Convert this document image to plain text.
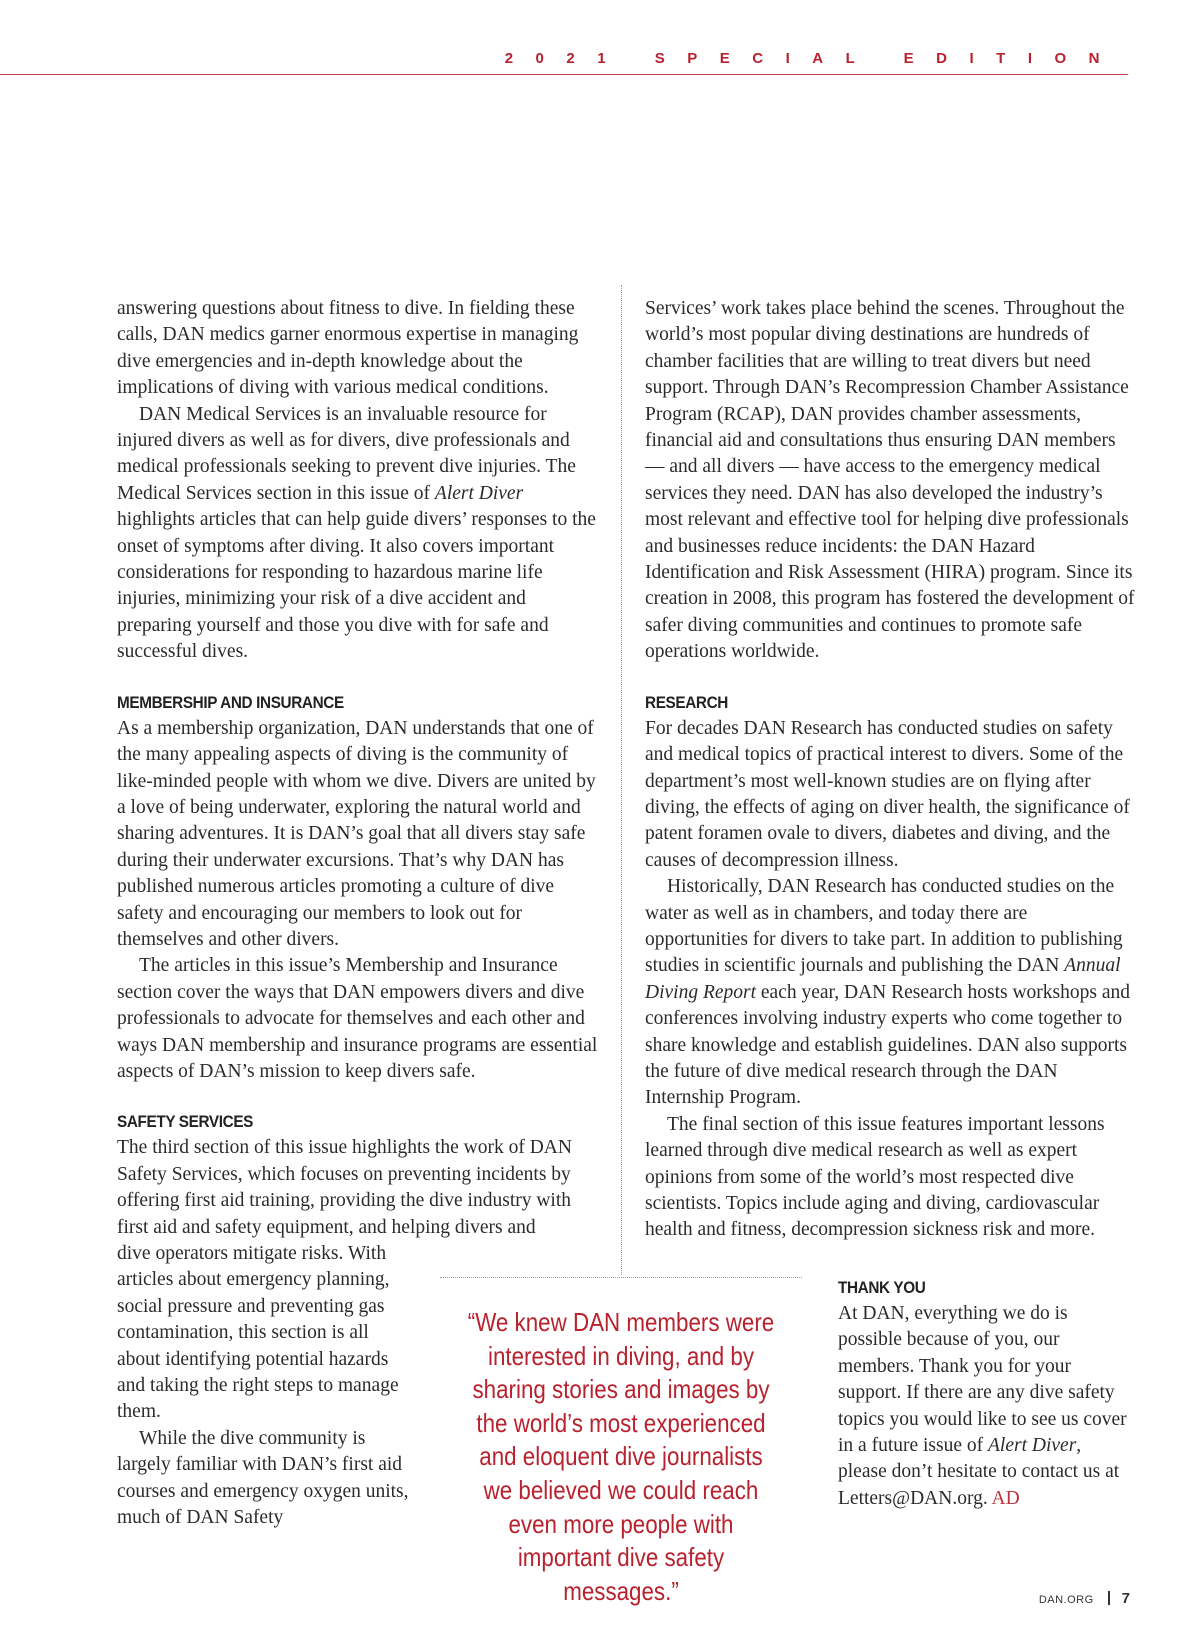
2021 SPECIAL EDITION

answering questions about fitness to dive. In fielding these calls, DAN medics garner enormous expertise in managing dive emergencies and in-depth knowledge about the implications of diving with various medical conditions.

DAN Medical Services is an invaluable resource for injured divers as well as for divers, dive professionals and medical professionals seeking to prevent dive injuries. The Medical Services section in this issue of Alert Diver highlights articles that can help guide divers’ responses to the onset of symptoms after diving. It also covers important considerations for responding to hazardous marine life injuries, minimizing your risk of a dive accident and preparing yourself and those you dive with for safe and successful dives.

MEMBERSHIP AND INSURANCE

As a membership organization, DAN understands that one of the many appealing aspects of diving is the community of like-minded people with whom we dive. Divers are united by a love of being underwater, exploring the natural world and sharing adventures. It is DAN’s goal that all divers stay safe during their underwater excursions. That’s why DAN has published numerous articles promoting a culture of dive safety and encouraging our members to look out for themselves and other divers.

The articles in this issue’s Membership and Insurance section cover the ways that DAN empowers divers and dive professionals to advocate for themselves and each other and ways DAN membership and insurance programs are essential aspects of DAN’s mission to keep divers safe.

SAFETY SERVICES

The third section of this issue highlights the work of DAN Safety Services, which focuses on preventing incidents by offering first aid training, providing the dive industry with first aid and safety equipment, and helping divers and

dive operators mitigate risks. With articles about emergency planning, social pressure and preventing gas contamination, this section is all about identifying potential hazards and taking the right steps to manage them.

While the dive community is largely familiar with DAN’s first aid courses and emergency oxygen units, much of DAN Safety

Services’ work takes place behind the scenes. Throughout the world’s most popular diving destinations are hundreds of chamber facilities that are willing to treat divers but need support. Through DAN’s Recompression Chamber Assistance Program (RCAP), DAN provides chamber assessments, financial aid and consultations thus ensuring DAN members — and all divers — have access to the emergency medical services they need. DAN has also developed the industry’s most relevant and effective tool for helping dive professionals and businesses reduce incidents: the DAN Hazard Identification and Risk Assessment (HIRA) program. Since its creation in 2008, this program has fostered the development of safer diving communities and continues to promote safe operations worldwide.

RESEARCH

For decades DAN Research has conducted studies on safety and medical topics of practical interest to divers. Some of the department’s most well-known studies are on flying after diving, the effects of aging on diver health, the significance of patent foramen ovale to divers, diabetes and diving, and the causes of decompression illness.

Historically, DAN Research has conducted studies on the water as well as in chambers, and today there are opportunities for divers to take part. In addition to publishing studies in scientific journals and publishing the DAN Annual Diving Report each year, DAN Research hosts workshops and conferences involving industry experts who come together to share knowledge and establish guidelines. DAN also supports the future of dive medical research through the DAN Internship Program.

The final section of this issue features important lessons learned through dive medical research as well as expert opinions from some of the world’s most respected dive scientists. Topics include aging and diving, cardiovascular health and fitness, decompression sickness risk and more.

“We knew DAN members were interested in diving, and by sharing stories and images by the world’s most experienced and eloquent dive journalists we believed we could reach even more people with important dive safety messages.”
THANK YOU

At DAN, everything we do is possible because of you, our members. Thank you for your support. If there are any dive safety topics you would like to see us cover in a future issue of Alert Diver, please don’t hesitate to contact us at Letters@DAN.org. AD

DAN.ORG 7
